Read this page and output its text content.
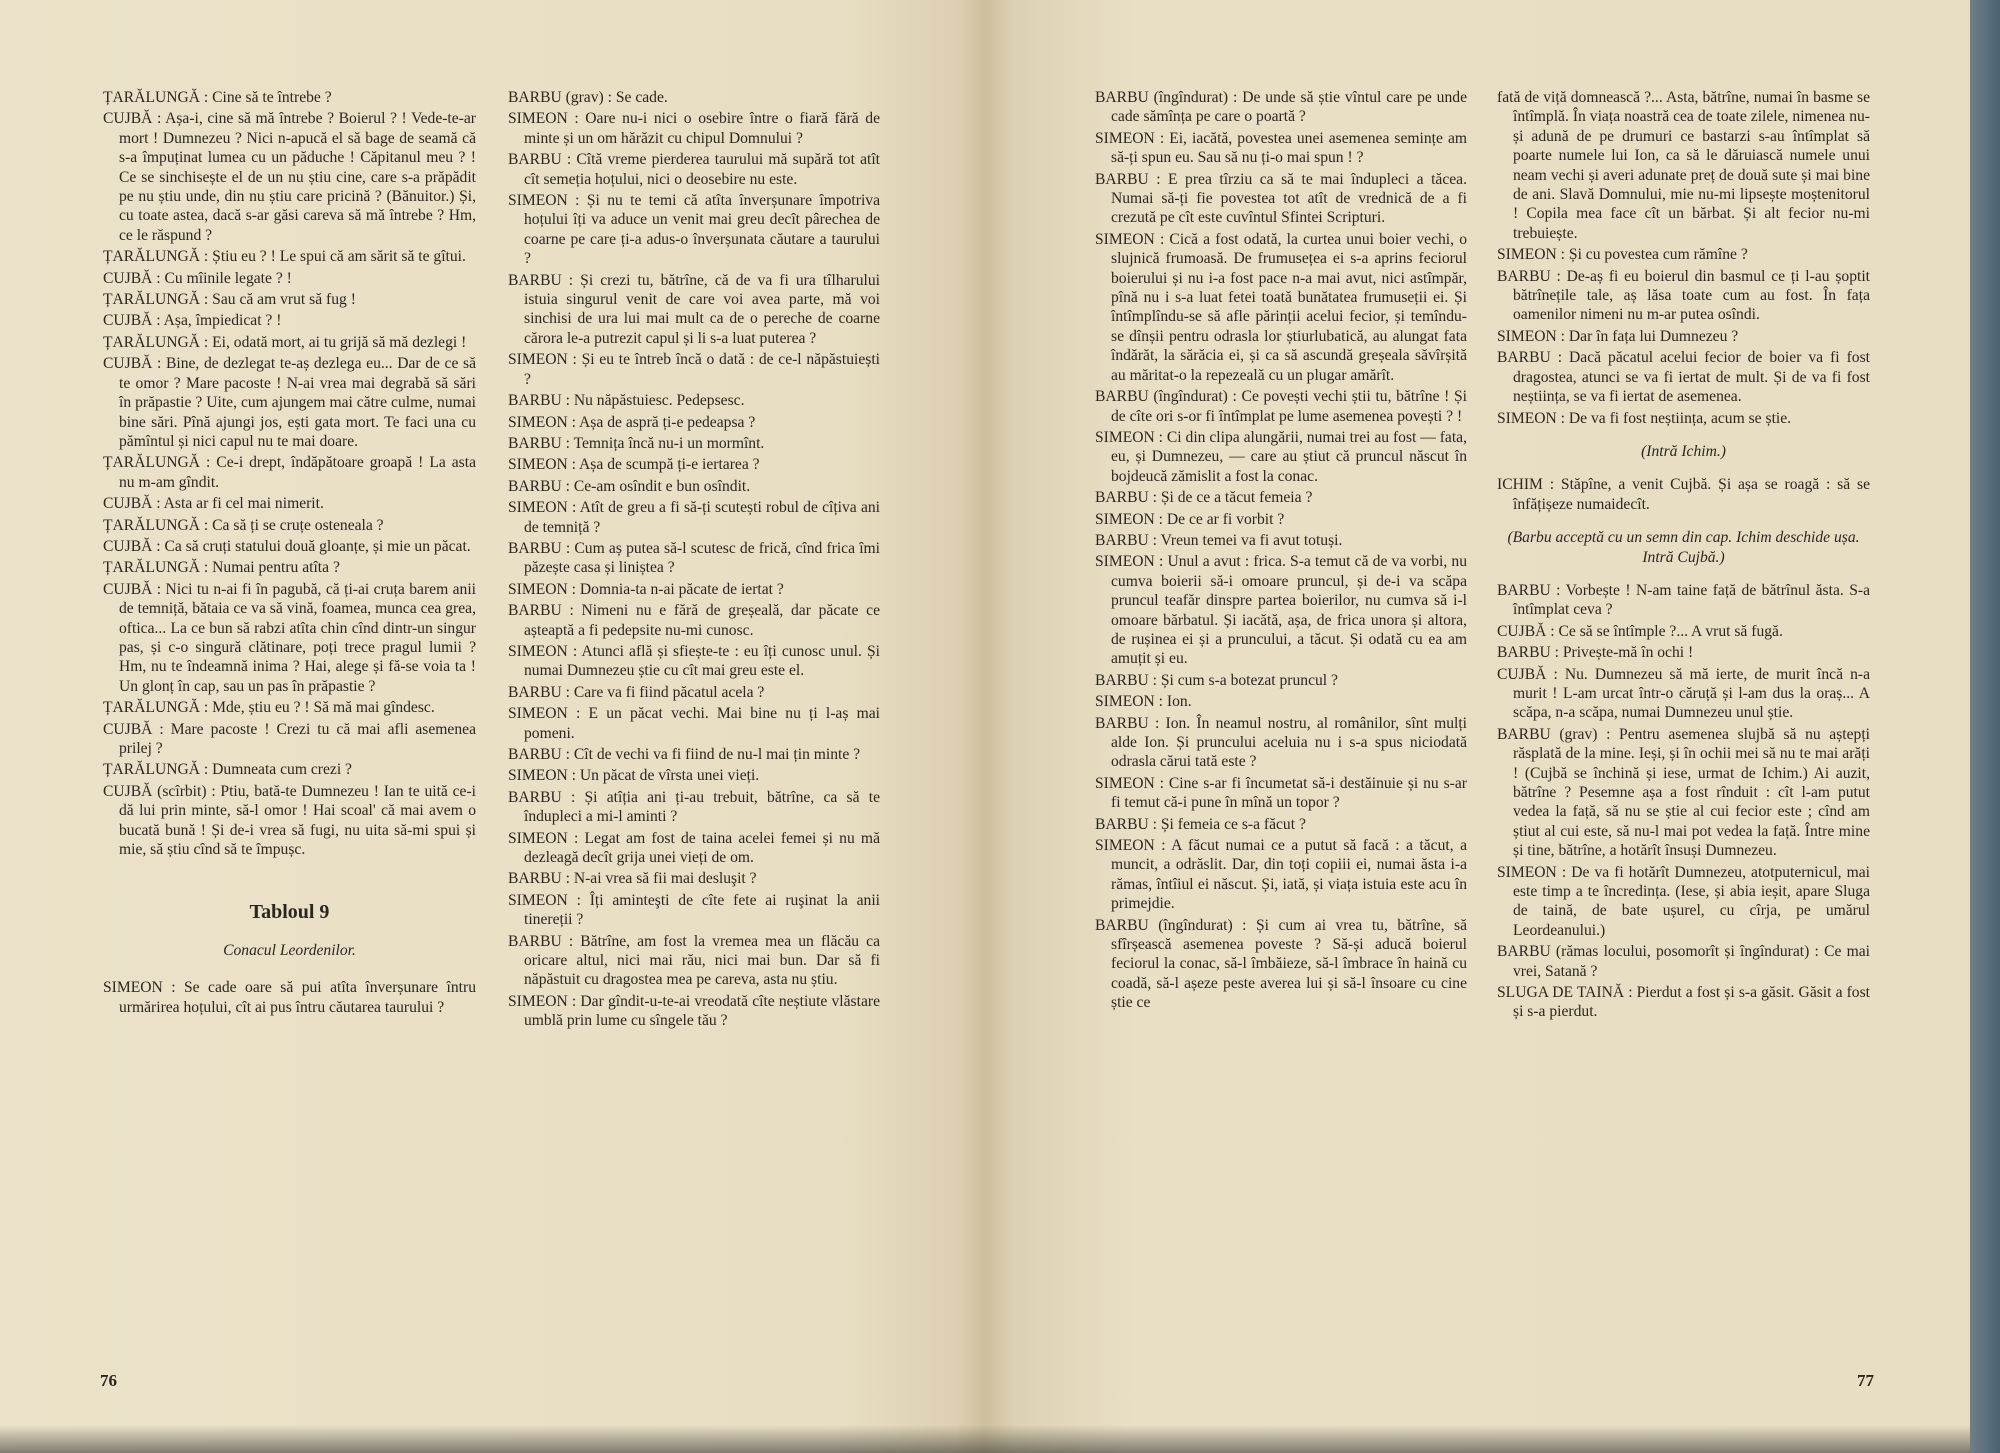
ȚARĂLUNGĂ : Cine să te întrebe ?
CUJBĂ : Așa-i, cine să mă întrebe ? Boierul ? ! Vede-te-ar mort ! Dumnezeu ? Nici n-apucă el să bage de seamă că s-a împuținat lumea cu un păduche ! Căpitanul meu ? ! Ce se sinchisește el de un nu știu cine, care s-a prăpădit pe nu știu unde, din nu știu care pricină ? (Bănuitor.) Și, cu toate astea, dacă s-ar găsi careva să mă întrebe ? Hm, ce le răspund ?
ȚARĂLUNGĂ : Știu eu ? ! Le spui că am sărit să te gîtui.
CUJBĂ : Cu mîinile legate ? !
ȚARĂLUNGĂ : Sau că am vrut să fug !
CUJBĂ : Așa, împiedicat ? !
ȚARĂLUNGĂ : Ei, odată mort, ai tu grijă să mă dezlegi !
CUJBĂ : Bine, de dezlegat te-aș dezlega eu... Dar de ce să te omor ? Mare pacoste ! N-ai vrea mai degrabă să sări în prăpastie ? Uite, cum ajungem mai către culme, numai bine sări. Pînă ajungi jos, ești gata mort. Te faci una cu pămîntul și nici capul nu te mai doare.
ȚARĂLUNGĂ : Ce-i drept, îndăpătoare groapă ! La asta nu m-am gîndit.
CUJBĂ : Asta ar fi cel mai nimerit.
ȚARĂLUNGĂ : Ca să ți se cruțe osteneala ?
CUJBĂ : Ca să cruți statului două gloanțe, și mie un păcat.
ȚARĂLUNGĂ : Numai pentru atîta ?
CUJBĂ : Nici tu n-ai fi în pagubă, că ți-ai cruța barem anii de temniță, bătaia ce va să vină, foamea, munca cea grea, oftica... La ce bun să rabzi atîta chin cînd dintr-un singur pas, și c-o singură clătinare, poți trece pragul lumii ? Hm, nu te îndeamnă inima ? Hai, alege și fă-se voia ta ! Un glonț în cap, sau un pas în prăpastie ?
ȚARĂLUNGĂ : Mde, știu eu ? ! Să mă mai gîndesc.
CUJBĂ : Mare pacoste ! Crezi tu că mai afli asemenea prilej ?
ȚARĂLUNGĂ : Dumneata cum crezi ?
CUJBĂ (scîrbit) : Ptiu, bată-te Dumnezeu ! Ian te uită ce-i dă lui prin minte, să-l omor ! Hai scoal' că mai avem o bucată bună ! Și de-i vrea să fugi, nu uita să-mi spui și mie, să știu cînd să te împușc.
Tabloul 9
Conacul Leordenilor.
SIMEON : Se cade oare să pui atîta înverșunare întru urmărirea hoțului, cît ai pus întru căutarea taurului ?
BARBU (grav) : Se cade.
SIMEON : Oare nu-i nici o osebire între o fiară fără de minte și un om hărăzit cu chipul Domnului ?
BARBU : Cîtă vreme pierderea taurului mă supără tot atît cît semeția hoțului, nici o deosebire nu este.
SIMEON : Și nu te temi că atîta înverșunare împotriva hoțului îți va aduce un venit mai greu decît pârechea de coarne pe care ți-a adus-o înverșunata căutare a taurului ?
BARBU : Și crezi tu, bătrîne, că de va fi ura tîlharului istuia singurul venit de care voi avea parte, mă voi sinchisi de ura lui mai mult ca de o pereche de coarne cărora le-a putrezit capul și li s-a luat puterea ?
SIMEON : Și eu te întreb încă o dată : de ce-l năpăstuiești ?
BARBU : Nu năpăstuiesc. Pedepsesc.
SIMEON : Așa de aspră ți-e pedeapsa ?
BARBU : Temnița încă nu-i un mormînt.
SIMEON : Așa de scumpă ți-e iertarea ?
BARBU : Ce-am osîndit e bun osîndit.
SIMEON : Atît de greu a fi să-ți scutești robul de cîțiva ani de temniță ?
BARBU : Cum aș putea să-l scutesc de frică, cînd frica îmi păzește casa și liniștea ?
SIMEON : Domnia-ta n-ai păcate de iertat ?
BARBU : Nimeni nu e fără de greșeală, dar păcate ce așteaptă a fi pedepsite nu-mi cunosc.
SIMEON : Atunci află și sfiește-te : eu îți cunosc unul. Și numai Dumnezeu știe cu cît mai greu este el.
BARBU : Care va fi fiind păcatul acela ?
SIMEON : E un păcat vechi. Mai bine nu ți l-aș mai pomeni.
BARBU : Cît de vechi va fi fiind de nu-l mai țin minte ?
SIMEON : Un păcat de vîrsta unei vieți.
BARBU : Și atîția ani ți-au trebuit, bătrîne, ca să te înduplecі a mi-l aminti ?
SIMEON : Legat am fost de taina acelei femei și nu mă dezleagă decît grija unei vieți de om.
BARBU : N-ai vrea să fii mai desluşit ?
SIMEON : Îți aminteşti de cîte fete ai ruşinat la anii tinereții ?
BARBU : Bătrîne, am fost la vremea mea un flăcău ca oricare altul, nici mai rău, nici mai bun. Dar să fi năpăstuit cu dragostea mea pe careva, asta nu știu.
SIMEON : Dar gîndit-u-te-ai vreodată cîte neștiute vlăstare umblă prin lume cu sîngele tău ?
76
BARBU (îngîndurat) : De unde să știe vîntul care pe unde cade sămînța pe care o poartă ?
SIMEON : Ei, iacătă, povestea unei asemenea semințe am să-ți spun eu. Sau să nu ți-o mai spun ! ?
BARBU : E prea tîrziu ca să te mai îndupleci a tăcea. Numai să-ți fie povestea tot atît de vrednică de a fi crezută pe cît este cuvîntul Sfintei Scripturi.
SIMEON : Cică a fost odată, la curtea unui boier vechi, o slujnică frumoasă. De frumusețea ei s-a aprins feciorul boierului și nu i-a fost pace n-a mai avut, nici astîmpăr, pînă nu i s-a luat fetei toată bunătatea frumuseții ei. Și întîmplîndu-se să afle părinții acelui fecior, și temîndu-se dînșii pentru odrasla lor știurlubatică, au alungat fata îndărăt, la sărăcia ei, și ca să ascundă greșeala săvîrșită au măritat-o la repezeală cu un plugar amărît.
BARBU (îngîndurat) : Ce povești vechi știi tu, bătrîne ! Și de cîte ori s-or fi întîmplat pe lume asemenea povești ? !
SIMEON : Ci din clipa alungării, numai trei au fost — fata, eu, și Dumnezeu, — care au știut că pruncul născut în bojdeucă zămislit a fost la conac.
BARBU : Și de ce a tăcut femeia ?
SIMEON : De ce ar fi vorbit ?
BARBU : Vreun temei va fi avut totuși.
SIMEON : Unul a avut : frica. S-a temut că de va vorbi, nu cumva boierii să-i omoare pruncul, și de-i va scăpa pruncul teafăr dinspre partea boierilor, nu cumva să i-l omoare bărbatul. Și iacătă, așa, de frica unora și altora, de rușinea ei și a pruncului, a tăcut. Și odată cu ea am amuțit și eu.
BARBU : Și cum s-a botezat pruncul ?
SIMEON : Ion.
BARBU : Ion. În neamul nostru, al românilor, sînt mulți alde Ion. Și pruncului aceluia nu i s-a spus niciodată odrasla cărui tată este ?
SIMEON : Cine s-ar fi încumetat să-i destăinuie și nu s-ar fi temut că-i pune în mînă un topor ?
BARBU : Și femeia ce s-a făcut ?
SIMEON : A făcut numai ce a putut să facă : a tăcut, a muncit, a odrăslit. Dar, din toți copiii ei, numai ăsta i-a rămas, întîiul ei născut. Și, iată, și viața istuia este acu în primejdie.
BARBU (îngîndurat) : Și cum ai vrea tu, bătrîne, să sfîrșească asemenea poveste ? Să-și aducă boierul feciorul la conac, să-l îmbăieze, să-l îmbrace în haină cu coadă, să-l așeze peste averea lui și să-l însoare cu cine știe ce
fată de viță domnească ?... Asta, bătrîne, numai în basme se întîmplă. În viața noastră cea de toate zilele, nimenea nu-și adună de pe drumuri ce bastarzi s-au întîmplat să poarte numele lui Ion, ca să le dăruiască numele unui neam vechi și averi adunate preț de două sute și mai bine de ani. Slavă Domnului, mie nu-mi lipsește moștenitorul ! Copila mea face cît un bărbat. Și alt fecior nu-mi trebuiește.
SIMEON : Și cu povestea cum rămîne ?
BARBU : De-aș fi eu boierul din basmul ce ți l-au șoptit bătrînețile tale, aș lăsa toate cum au fost. În fața oamenilor nimeni nu m-ar putea osîndi.
SIMEON : Dar în fața lui Dumnezeu ?
BARBU : Dacă păcatul acelui fecior de boier va fi fost dragostea, atunci se va fi iertat de mult. Și de va fi fost neștiința, se va fi iertat de asemenea.
SIMEON : De va fi fost neștiința, acum se știe.
(Intră Ichim.)
ICHIM : Stăpîne, a venit Cujbă. Și așa se roagă : să se înfățișeze numaidecît.
(Barbu acceptă cu un semn din cap. Ichim deschide ușa. Intră Cujbă.)
BARBU : Vorbește ! N-am taine față de bătrînul ăsta. S-a întîmplat ceva ?
CUJBĂ : Ce să se întîmple ?... A vrut să fugă.
BARBU : Privește-mă în ochi !
CUJBĂ : Nu. Dumnezeu să mă ierte, de murit încă n-a murit ! L-am urcat într-o căruță și l-am dus la oraș... A scăpa, n-a scăpa, numai Dumnezeu unul știe.
BARBU (grav) : Pentru asemenea slujbă să nu aștepți răsplată de la mine. Ieși, și în ochii mei să nu te mai arăți ! (Cujbă se închină și iese, urmat de Ichim.) Ai auzit, bătrîne ? Pesemne așa a fost rînduit : cît l-am putut vedea la față, să nu se știe al cui fecior este ; cînd am știut al cui este, să nu-l mai pot vedea la față. Între mine și tine, bătrîne, a hotărît însuși Dumnezeu.
SIMEON : De va fi hotărît Dumnezeu, atotputernicul, mai este timp a te încredința. (Iese, și abia ieșit, apare Sluga de taină, de bate ușurel, cu cîrja, pe umărul Leordeanului.)
BARBU (rămas locului, posomorît și îngîndurat) : Ce mai vrei, Satană ?
SLUGA DE TAINĂ : Pierdut a fost și s-a găsit. Găsit a fost și s-a pierdut.
77
